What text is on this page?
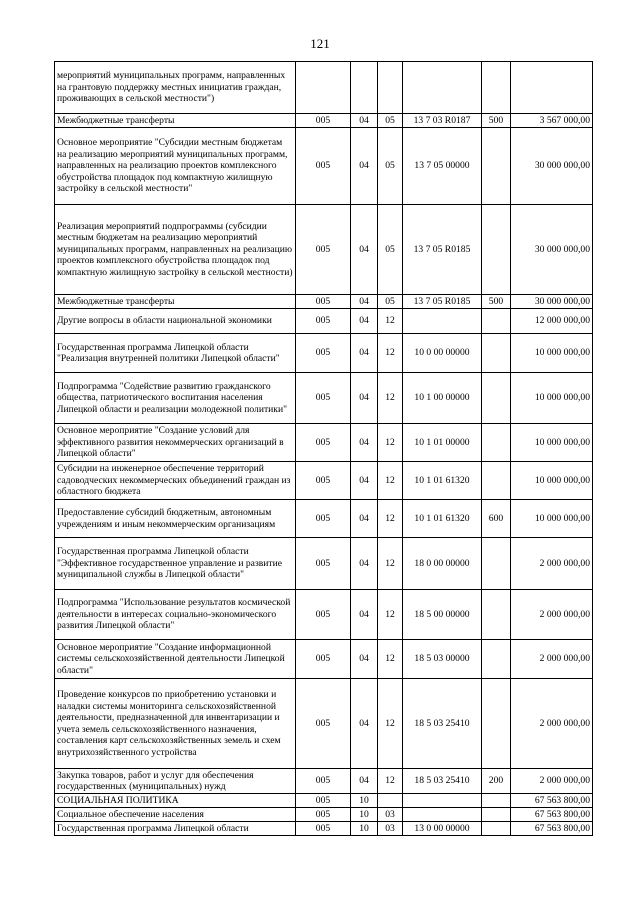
121
мероприятий муниципальных программ, направленных на грантовую поддержку местных инициатив граждан, проживающих в сельской местности")						
Межбюджетные трансферты	005	04	05	13 7 03 R0187	500	3 567 000,00
Основное мероприятие "Субсидии местным бюджетам на реализацию мероприятий муниципальных программ, направленных на реализацию проектов комплексного обустройства площадок под компактную жилищную застройку в сельской местности"	005	04	05	13 7 05 00000		30 000 000,00
Реализация мероприятий подпрограммы (субсидии местным бюджетам на реализацию мероприятий муниципальных программ, направленных на реализацию проектов комплексного обустройства площадок под компактную жилищную застройку в сельской местности)	005	04	05	13 7 05 R0185		30 000 000,00
Межбюджетные трансферты	005	04	05	13 7 05 R0185	500	30 000 000,00
Другие вопросы в области национальной экономики	005	04	12			12 000 000,00
Государственная программа Липецкой области "Реализация внутренней политики Липецкой области"	005	04	12	10 0 00 00000		10 000 000,00
Подпрограмма "Содействие развитию гражданского общества, патриотического воспитания населения Липецкой области и реализации молодежной политики"	005	04	12	10 1 00 00000		10 000 000,00
Основное мероприятие "Создание условий для эффективного развития некоммерческих организаций в Липецкой области"	005	04	12	10 1 01 00000		10 000 000,00
Субсидии на инженерное обеспечение территорий садоводческих некоммерческих объединений граждан из областного бюджета	005	04	12	10 1 01 61320		10 000 000,00
Предоставление субсидий бюджетным, автономным учреждениям и иным некоммерческим организациям	005	04	12	10 1 01 61320	600	10 000 000,00
Государственная программа Липецкой области "Эффективное государственное управление и развитие муниципальной службы в Липецкой области"	005	04	12	18 0 00 00000		2 000 000,00
Подпрограмма "Использование результатов космической деятельности в интересах социально-экономического развития Липецкой области"	005	04	12	18 5 00 00000		2 000 000,00
Основное мероприятие "Создание информационной системы сельскохозяйственной деятельности Липецкой области"	005	04	12	18 5 03 00000		2 000 000,00
Проведение конкурсов по приобретению установки и наладки системы мониторинга сельскохозяйственной деятельности, предназначенной для инвентаризации и учета земель сельскохозяйственного назначения, составления карт сельскохозяйственных земель и схем внутрихозяйственного устройства	005	04	12	18 5 03 25410		2 000 000,00
Закупка товаров, работ и услуг для обеспечения государственных (муниципальных) нужд	005	04	12	18 5 03 25410	200	2 000 000,00
СОЦИАЛЬНАЯ ПОЛИТИКА	005	10				67 563 800,00
Социальное обеспечение населения	005	10	03			67 563 800,00
Государственная программа Липецкой области	005	10	03	13 0 00 00000		67 563 800,00
